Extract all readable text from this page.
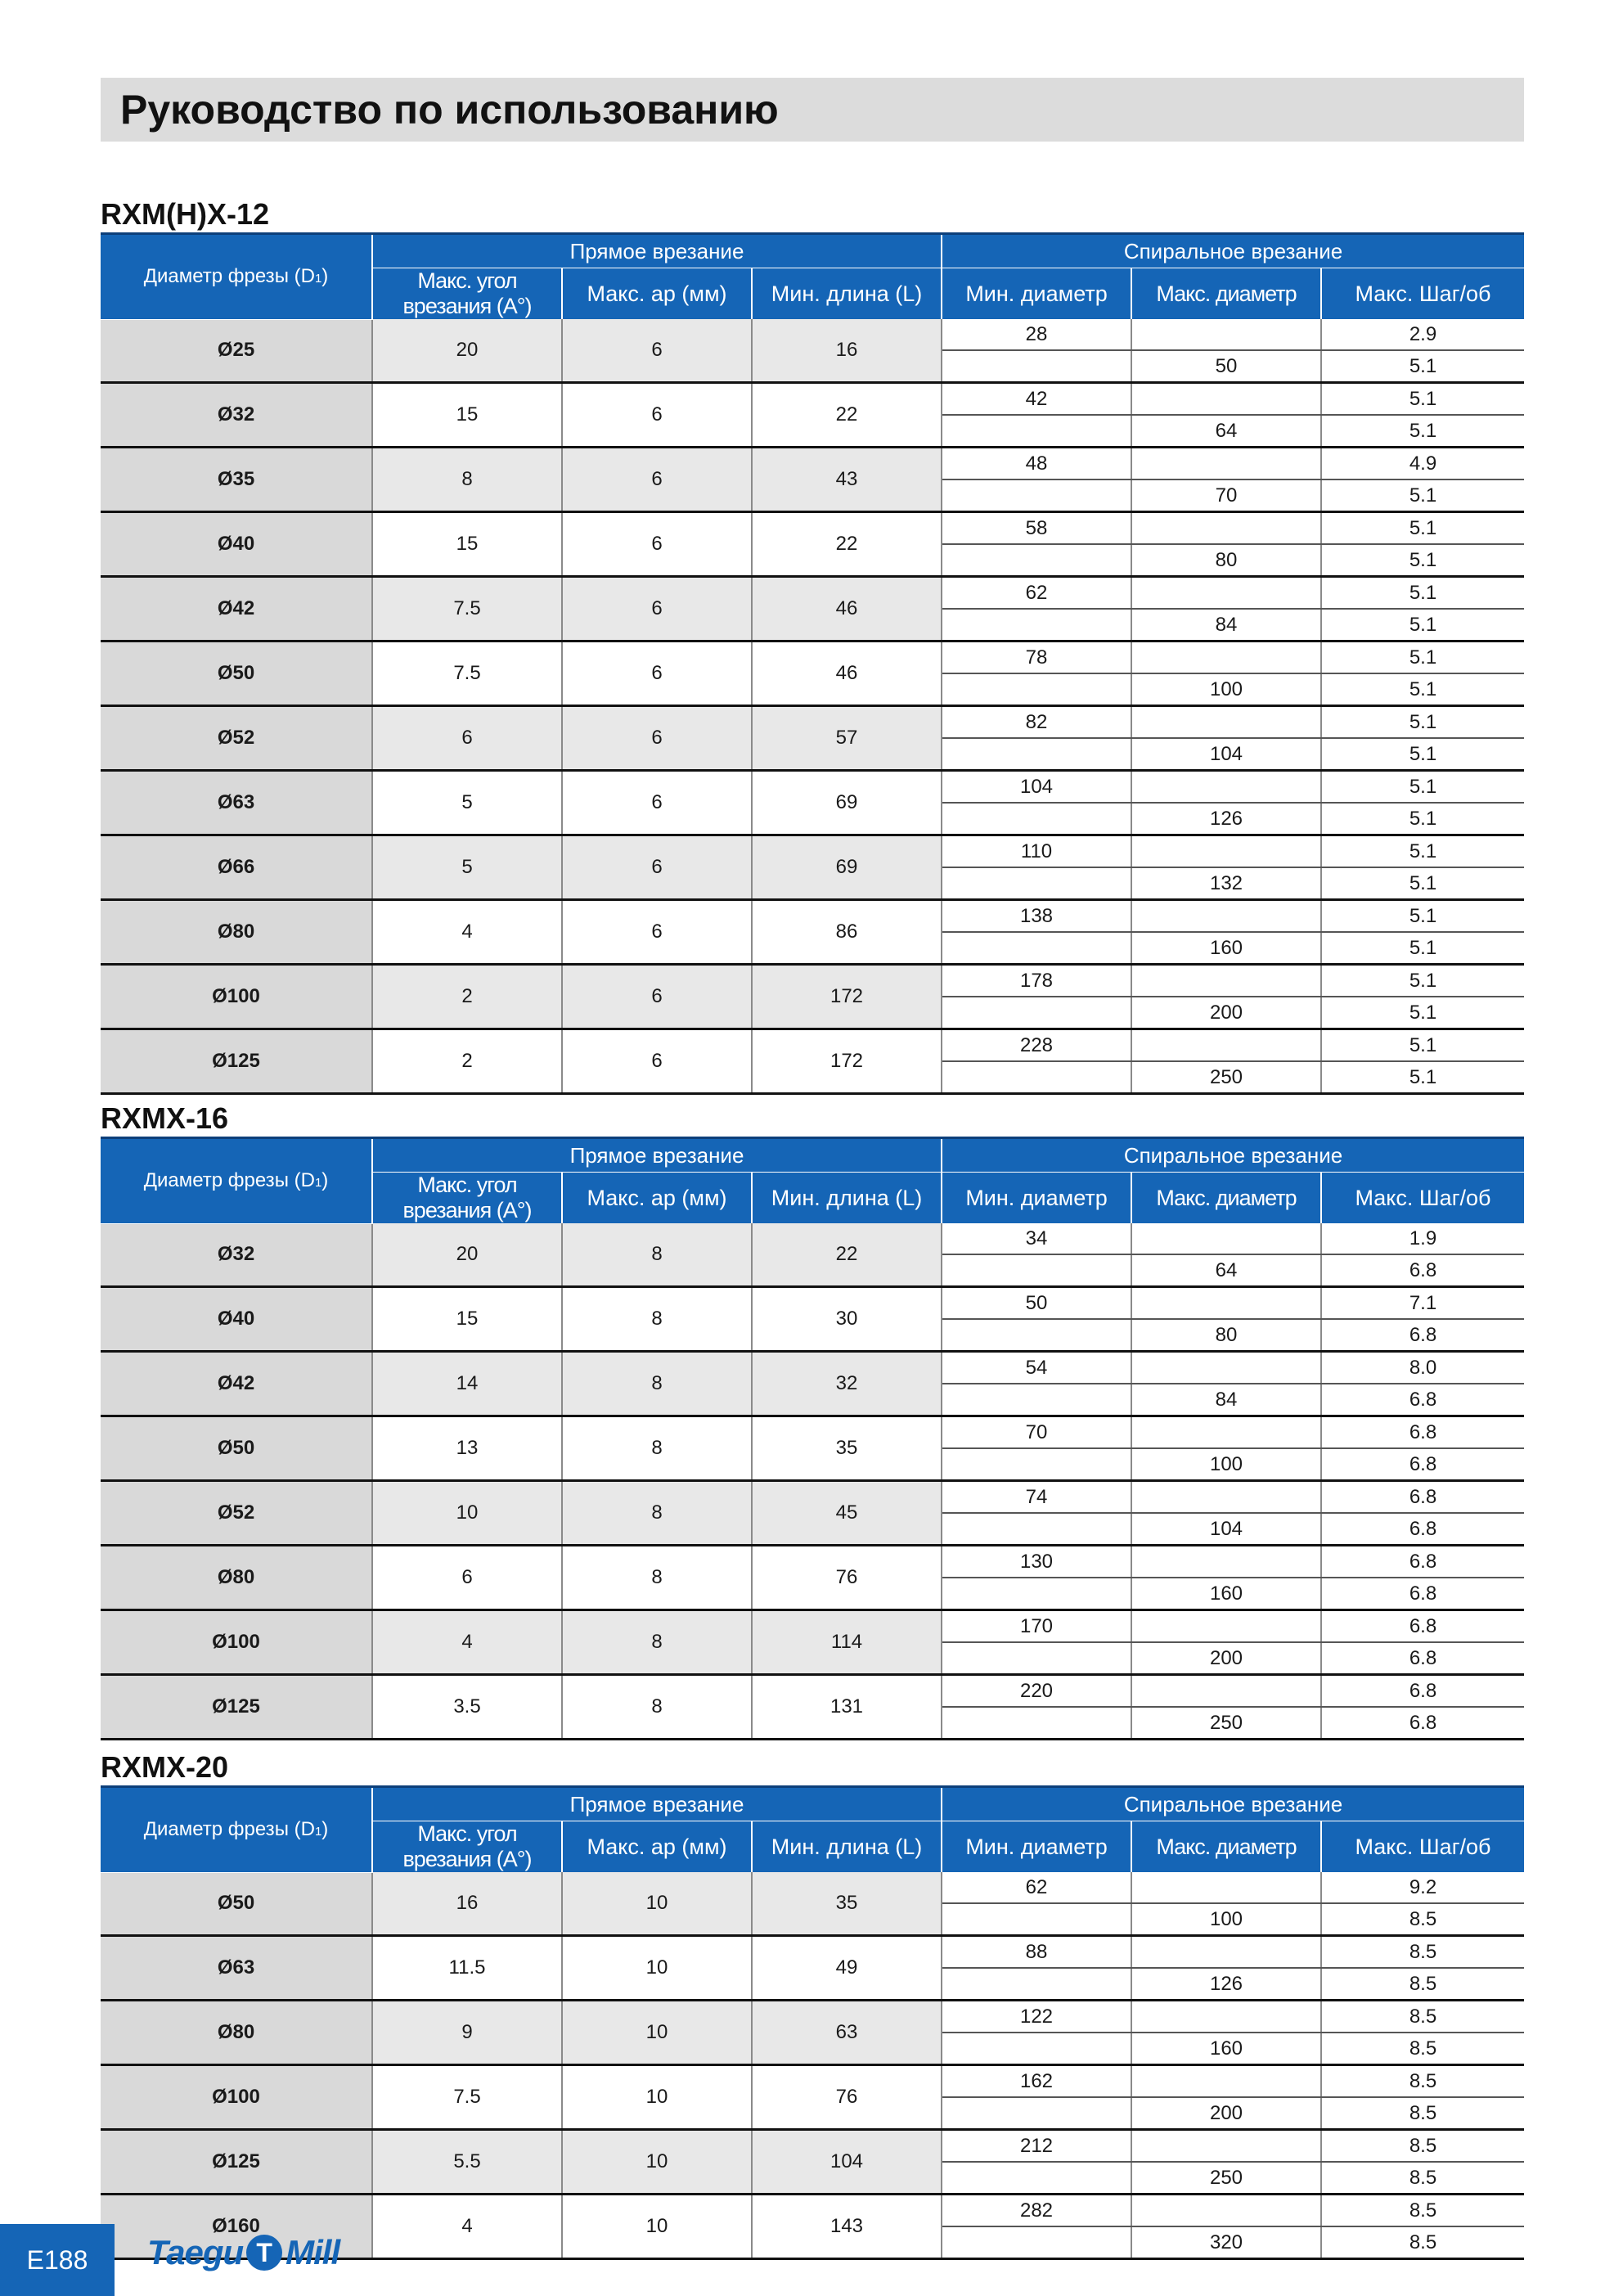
Руководство по использованию
RXM(H)X-12
Диаметр фрезы (D1)	Прямое врезание			Спиральное врезание		
	Макс. угол врезания (A°)	Макс. ap (мм)	Мин. длина (L)	Мин. диаметр	Макс. диаметр	Макс. Шаг/об
Ø25	20	6	16	28		2.9
					50	5.1
Ø32	15	6	22	42		5.1
					64	5.1
Ø35	8	6	43	48		4.9
					70	5.1
Ø40	15	6	22	58		5.1
					80	5.1
Ø42	7.5	6	46	62		5.1
					84	5.1
Ø50	7.5	6	46	78		5.1
					100	5.1
Ø52	6	6	57	82		5.1
					104	5.1
Ø63	5	6	69	104		5.1
					126	5.1
Ø66	5	6	69	110		5.1
					132	5.1
Ø80	4	6	86	138		5.1
					160	5.1
Ø100	2	6	172	178		5.1
					200	5.1
Ø125	2	6	172	228		5.1
					250	5.1
RXMX-16
Диаметр фрезы (D1)	Прямое врезание			Спиральное врезание		
	Макс. угол врезания (A°)	Макс. ap (мм)	Мин. длина (L)	Мин. диаметр	Макс. диаметр	Макс. Шаг/об
Ø32	20	8	22	34		1.9
					64	6.8
Ø40	15	8	30	50		7.1
					80	6.8
Ø42	14	8	32	54		8.0
					84	6.8
Ø50	13	8	35	70		6.8
					100	6.8
Ø52	10	8	45	74		6.8
					104	6.8
Ø80	6	8	76	130		6.8
					160	6.8
Ø100	4	8	114	170		6.8
					200	6.8
Ø125	3.5	8	131	220		6.8
					250	6.8
RXMX-20
Диаметр фрезы (D1)	Прямое врезание			Спиральное врезание		
	Макс. угол врезания (A°)	Макс. ap (мм)	Мин. длина (L)	Мин. диаметр	Макс. диаметр	Макс. Шаг/об
Ø50	16	10	35	62		9.2
					100	8.5
Ø63	11.5	10	49	88		8.5
					126	8.5
Ø80	9	10	63	122		8.5
					160	8.5
Ø100	7.5	10	76	162		8.5
					200	8.5
Ø125	5.5	10	104	212		8.5
					250	8.5
Ø160	4	10	143	282		8.5
					320	8.5
E188	Taegu T Mill
